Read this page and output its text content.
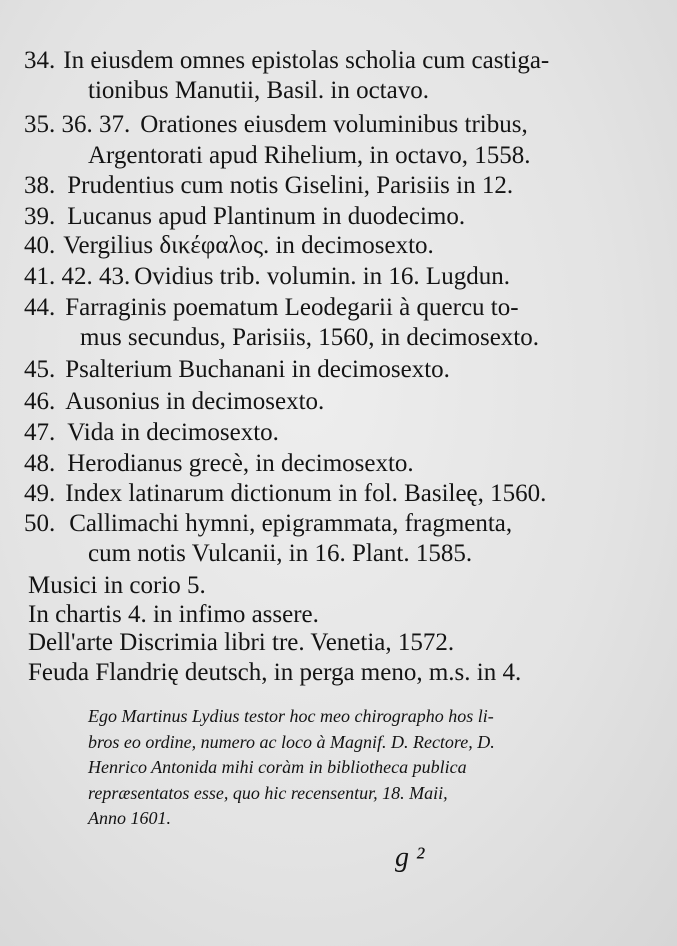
34. In eiusdem omnes epistolas scholia cum castiga-
tionibus Manutii, Basil. in octavo.
35. 36. 37. Orationes eiusdem voluminibus tribus,
Argentorati apud Rihelium, in octavo, 1558.
38. Prudentius cum notis Giselini, Parisiis in 12.
39. Lucanus apud Plantinum in duodecimo.
40. Vergilius δικέφαλος. in decimosexto.
41. 42. 43. Ovidius trib. volumin. in 16. Lugdun.
44. Farraginis poematum Leodegarii à quercu to-
mus secundus, Parisiis, 1560, in decimosexto.
45. Psalterium Buchanani in decimosexto.
46. Ausonius in decimosexto.
47. Vida in decimosexto.
48. Herodianus grecè, in decimosexto.
49. Index latinarum dictionum in fol. Basileę, 1560.
50. Callimachi hymni, epigrammata, fragmenta,
cum notis Vulcanii, in 16. Plant. 1585.
Musici in corio 5.
In chartis 4. in infimo assere.
Dell'arte Discrimia libri tre. Venetia, 1572.
Feuda Flandrię deutsch, in perga meno, m.s. in 4.
Ego Martinus Lydius testor hoc meo chirographo hos li-
bros eo ordine, numero ac loco à Magnif. D. Rectore, D.
Henrico Antonida mihi coràm in bibliotheca publica
repræsentatos esse, quo hic recensentur, 18. Maii,
Anno 1601.
g ²
